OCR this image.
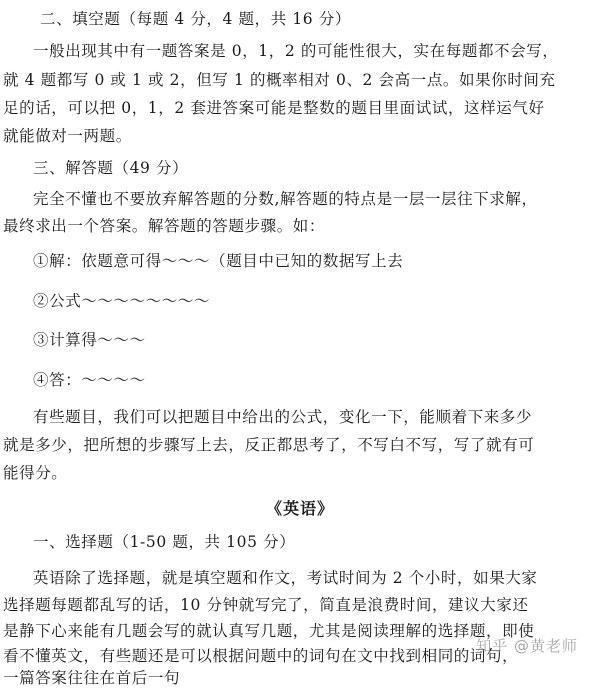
二、填空题（每题 4 分，4 题，共 16 分）
一般出现其中有一题答案是 0，1，2 的可能性很大，实在每题都不会写，
就 4 题都写 0 或 1 或 2，但写 1 的概率相对 0、2 会高一点。如果你时间充
足的话，可以把 0，1，2 套进答案可能是整数的题目里面试试，这样运气好
就能做对一两题。
三、解答题（49 分）
完全不懂也不要放弃解答题的分数,解答题的特点是一层一层往下求解，
最终求出一个答案。解答题的答题步骤。如：
①解：依题意可得～～～（题目中已知的数据写上去
②公式～～～～～～～～
③计算得～～～
④答：～～～～
有些题目，我们可以把题目中给出的公式，变化一下，能顺着下来多少
就是多少，把所想的步骤写上去，反正都思考了，不写白不写，写了就有可
能得分。
《英语》
一、选择题（1-50 题，共 105 分）
英语除了选择题，就是填空题和作文，考试时间为 2 个小时，如果大家
选择题每题都乱写的话，10 分钟就写完了，简直是浪费时间，建议大家还
是静下心来能有几题会写的就认真写几题，尤其是阅读理解的选择题，即使
看不懂英文，有些题还是可以根据问题中的词句在文中找到相同的词句，
一篇答案往往在首后一句
知乎 @黄老师
